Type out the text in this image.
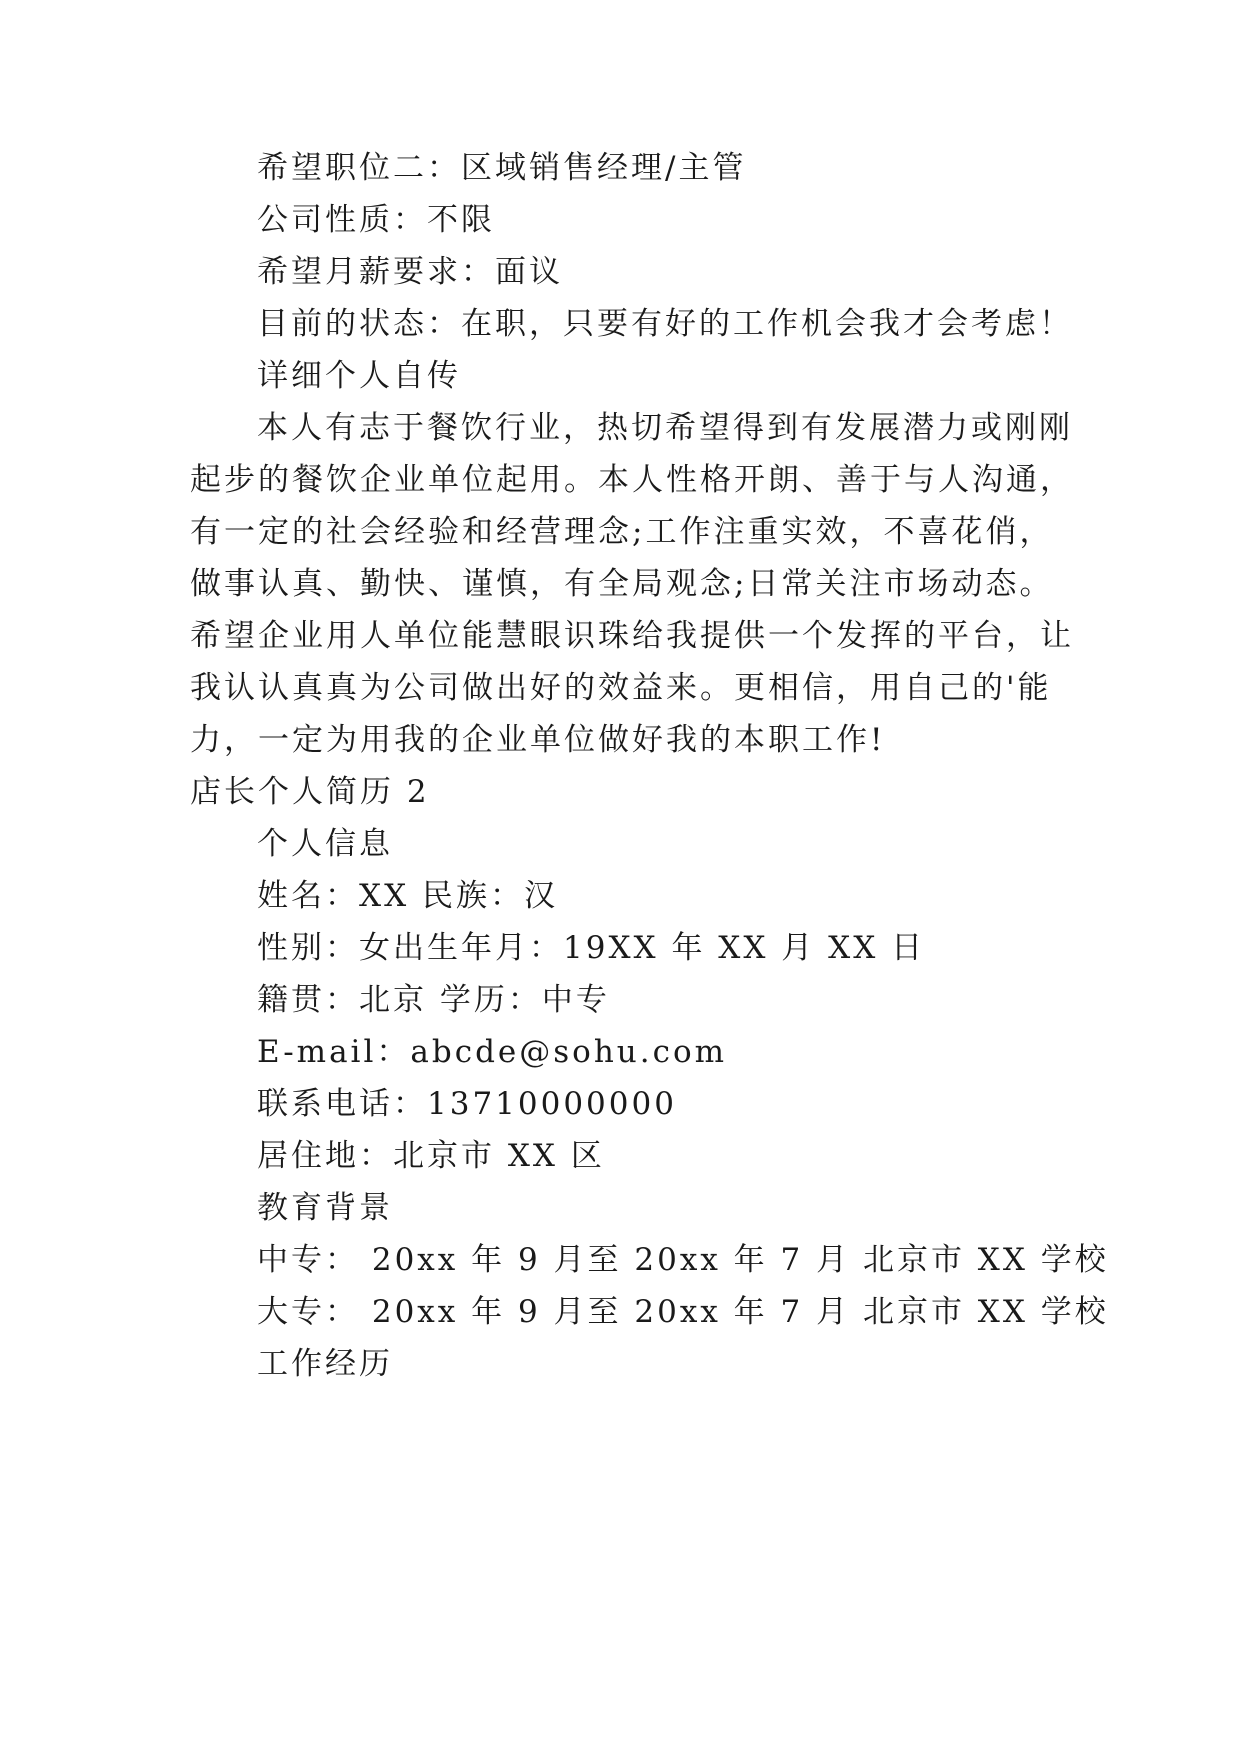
希望职位二：区域销售经理/主管
公司性质：不限
希望月薪要求：面议
目前的状态：在职，只要有好的工作机会我才会考虑！
详细个人自传
本人有志于餐饮行业，热切希望得到有发展潜力或刚刚
起步的餐饮企业单位起用。本人性格开朗、善于与人沟通，
有一定的社会经验和经营理念;工作注重实效，不喜花俏，
做事认真、勤快、谨慎，有全局观念;日常关注市场动态。
希望企业用人单位能慧眼识珠给我提供一个发挥的平台，让
我认认真真为公司做出好的效益来。更相信，用自己的'能
力，一定为用我的企业单位做好我的本职工作!
店长个人简历 2
个人信息
姓名：XX 民族：汉
性别：女出生年月：19XX 年 XX 月 XX 日
籍贯：北京 学历：中专
E-mail：abcde@sohu.com
联系电话：13710000000
居住地：北京市 XX 区
教育背景
中专： 20xx 年 9 月至 20xx 年 7 月 北京市 XX 学校
大专： 20xx 年 9 月至 20xx 年 7 月 北京市 XX 学校
工作经历
